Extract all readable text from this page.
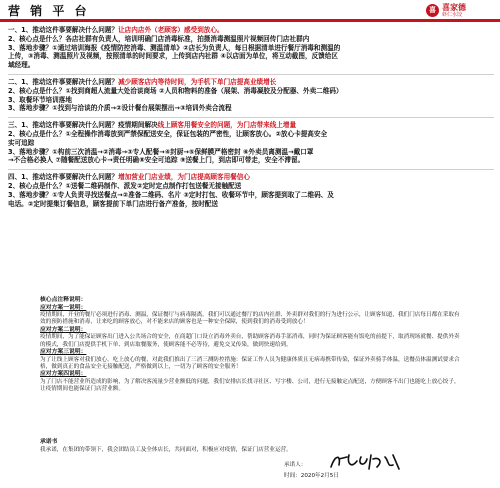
营 销 平 台	喜 喜家德
虾仁水饺
一、1、推动这件事要解决什么问题？让店内店外（老顾客）感受到放心。
2、核心点是什么？各店社群有负责人，培训明确门店消毒标准，拍摄消毒测温照片视频回传门店社群内
3、落地步骤？①通过培训海报《疫情防控消毒、测温清单》②店长为负责人，每日根据清单进行餐厅消毒和测温的
上传，③消毒、测温照片及视频，按照清单的时间要求，上传到店内社群 ④以店面为单位，将互动截图，反馈给区
域经理。
二、1、推动这件事要解决什么问题？减少顾客店内等待时间，为手机下单门店提高业绩增长
2、核心点是什么？①找到商超人流量大处洽谈商场 ②人员和物料的准备（展架、消毒凝胶及分配器、外卖二维码）
3、取餐环节培训落地
3、落地步骤？①找到与洽谈的介质→②设计餐台展架摆出→③培训外卖合流程
三、1、推动这件事要解决什么问题？疫情期间解决线上顾客用餐安全的问题，为门店带来线上增量
2、核心点是什么？①全程操作消毒放到严禁保配送安全，保证包装的严密性，让顾客放心。②放心卡提高安全
实可追踪
3、落地步骤？①构前三次消温→②消毒→③专人配餐→④封厨→⑤保鲜膜严格密封 ⑥外卖员离测温→戴口罩
→不合格必换人 ⑦随餐配送放心卡→责任明确⑧安全可追踪 ⑨送餐上门，到店即可带走，安全不滞留。
四、1、推动这件事要解决什么问题？增加营业门店业绩，为门店提高顾客用餐信心
2、核心点是什么？①送餐二维码制作、派发②定时定点制作打包送餐无接触配送
3、落地步骤？①专人负责寻找送餐点→②准备二维码、名片 ③定时打包、收餐环节中，顾客提到取了二维码、及
电话。②定时提集订餐信息，顾客提前下单门店进行备产准备，按时配送
核心点注释说明：
应对方案一说明：
疫情期间，开业的餐厅必须进行消毒、测温，保证餐厅与病毒隔离。我们可以通过餐厅的店内社群、外卖群对我们的行为进行公示，让顾客知道，我们门店每日都在采取有效的预防措施和消毒，让来吃的顾客放心，对不能来店的顾客也是一种安全保障，使到我们的消毒受到放心！
应对方案二说明：
疫情期间，为了能保证顾客出门进入公共场合的安全，在商超门口设立消毒外卖台，帮助顾客消毒手部消毒，同时为保证顾客能有饭吃的前提下，取消现场就餐、提供外卖的模式，我们门店提供手机下单、到店取餐服务，使顾客能不必等待，避免交叉传染，做到快速给到。
应对方案三说明：
为了让线上顾客对我们放心，吃上放心的餐，对此我们推出了三消三测防控措施：保证工作人员为健康体质且无病毒携带传染，保证外卖骑手体温，送餐员体温测试要求合格，做到真正的食品安全无接触配送，严格做到以上，一切为了顾客的安全服务！
应对方案四说明：
为了门店不能营业所造成的影响，为了解决客流量少营业额低的问题，我们安排店长找寻社区、写字楼、公司，进行无接触定点配送，方便顾客不出门也能吃上放心饺子，让疫情期间也能保证门店营业额。
承诺书
我承诺，在集团的带领下，我会团结员工及全体店长，共同面对，积极应对疫情，保证门店营业运营。
承诺人：
时间：2020年2月5日
